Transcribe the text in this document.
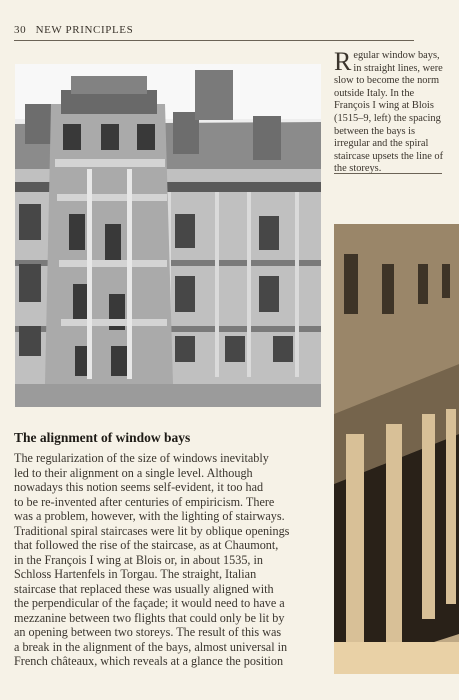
30 NEW PRINCIPLES
Regular window bays, in straight lines, were slow to become the norm outside Italy. In the François I wing at Blois (1515–9, left) the spacing between the bays is irregular and the spiral staircase upsets the line of the storeys.
The alignment of window bays
The regularization of the size of windows inevitably
led to their alignment on a single level. Although
nowadays this notion seems self-evident, it too had
to be re-invented after centuries of empiricism. There
was a problem, however, with the lighting of stairways.
Traditional spiral staircases were lit by oblique openings
that followed the rise of the staircase, as at Chaumont,
in the François I wing at Blois or, in about 1535, in
Schloss Hartenfels in Torgau. The straight, Italian
staircase that replaced these was usually aligned with
the perpendicular of the façade; it would need to have a
mezzanine between two flights that could only be lit by
an opening between two storeys. The result of this was
a break in the alignment of the bays, almost universal in
French châteaux, which reveals at a glance the position
